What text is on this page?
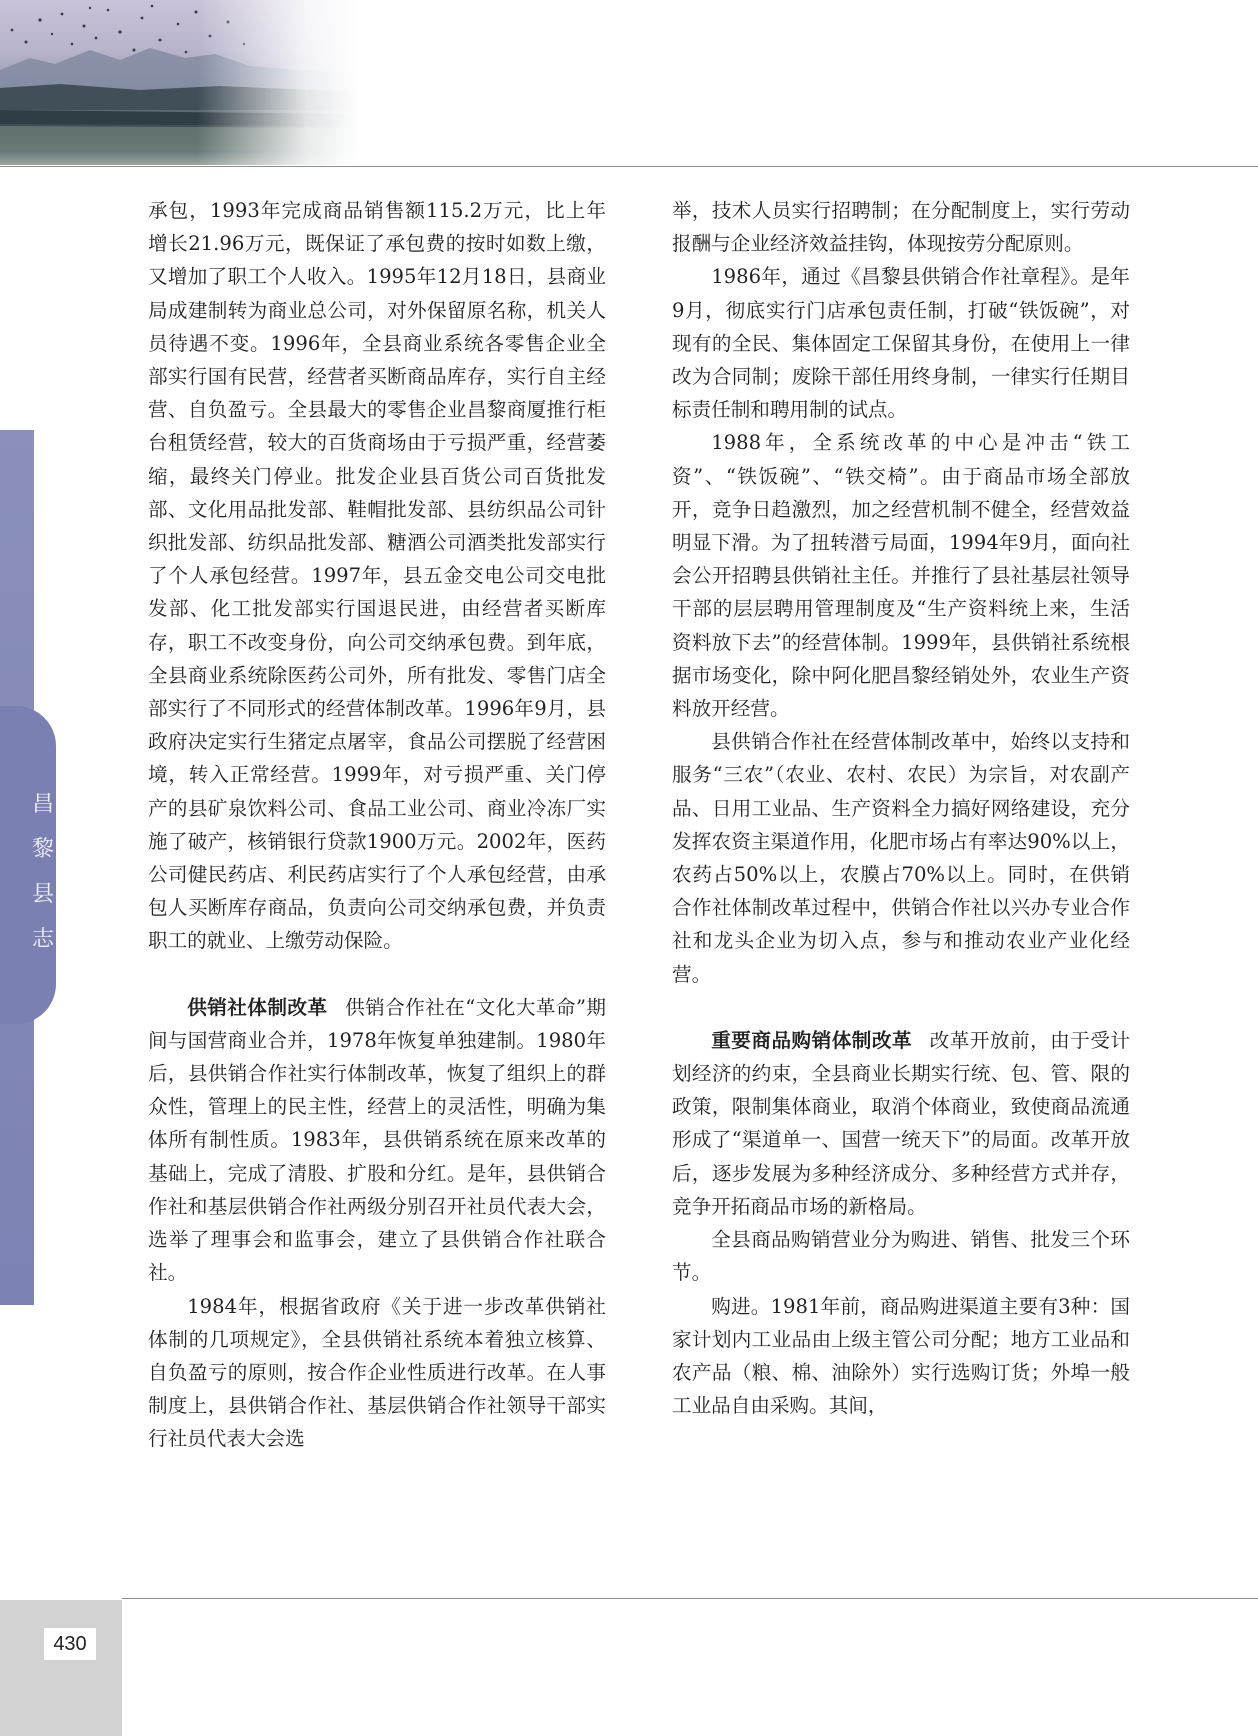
昌
黎
县
志

承包，1993年完成商品销售额115.2万元，比上年增长21.96万元，既保证了承包费的按时如数上缴，又增加了职工个人收入。1995年12月18日，县商业局成建制转为商业总公司，对外保留原名称，机关人员待遇不变。1996年，全县商业系统各零售企业全部实行国有民营，经营者买断商品库存，实行自主经营、自负盈亏。全县最大的零售企业昌黎商厦推行柜台租赁经营，较大的百货商场由于亏损严重，经营萎缩，最终关门停业。批发企业县百货公司百货批发部、文化用品批发部、鞋帽批发部、县纺织品公司针织批发部、纺织品批发部、糖酒公司酒类批发部实行了个人承包经营。1997年，县五金交电公司交电批发部、化工批发部实行国退民进，由经营者买断库存，职工不改变身份，向公司交纳承包费。到年底，全县商业系统除医药公司外，所有批发、零售门店全部实行了不同形式的经营体制改革。1996年9月，县政府决定实行生猪定点屠宰，食品公司摆脱了经营困境，转入正常经营。1999年，对亏损严重、关门停产的县矿泉饮料公司、食品工业公司、商业冷冻厂实施了破产，核销银行贷款1900万元。2002年，医药公司健民药店、利民药店实行了个人承包经营，由承包人买断库存商品，负责向公司交纳承包费，并负责职工的就业、上缴劳动保险。

供销社体制改革 供销合作社在“文化大革命”期间与国营商业合并，1978年恢复单独建制。1980年后，县供销合作社实行体制改革，恢复了组织上的群众性，管理上的民主性，经营上的灵活性，明确为集体所有制性质。1983年，县供销系统在原来改革的基础上，完成了清股、扩股和分红。是年，县供销合作社和基层供销合作社两级分别召开社员代表大会，选举了理事会和监事会，建立了县供销合作社联合社。

1984年，根据省政府《关于进一步改革供销社体制的几项规定》，全县供销社系统本着独立核算、自负盈亏的原则，按合作企业性质进行改革。在人事制度上，县供销合作社、基层供销合作社领导干部实行社员代表大会选

举，技术人员实行招聘制；在分配制度上，实行劳动报酬与企业经济效益挂钩，体现按劳分配原则。

1986年，通过《昌黎县供销合作社章程》。是年9月，彻底实行门店承包责任制，打破“铁饭碗”，对现有的全民、集体固定工保留其身份，在使用上一律改为合同制；废除干部任用终身制，一律实行任期目标责任制和聘用制的试点。

1988年，全系统改革的中心是冲击“铁工资”、“铁饭碗”、“铁交椅”。由于商品市场全部放开，竞争日趋激烈，加之经营机制不健全，经营效益明显下滑。为了扭转潜亏局面，1994年9月，面向社会公开招聘县供销社主任。并推行了县社基层社领导干部的层层聘用管理制度及“生产资料统上来，生活资料放下去”的经营体制。1999年，县供销社系统根据市场变化，除中阿化肥昌黎经销处外，农业生产资料放开经营。

县供销合作社在经营体制改革中，始终以支持和服务“三农”（农业、农村、农民）为宗旨，对农副产品、日用工业品、生产资料全力搞好网络建设，充分发挥农资主渠道作用，化肥市场占有率达90%以上，农药占50%以上，农膜占70%以上。同时，在供销合作社体制改革过程中，供销合作社以兴办专业合作社和龙头企业为切入点，参与和推动农业产业化经营。

重要商品购销体制改革 改革开放前，由于受计划经济的约束，全县商业长期实行统、包、管、限的政策，限制集体商业，取消个体商业，致使商品流通形成了“渠道单一、国营一统天下”的局面。改革开放后，逐步发展为多种经济成分、多种经营方式并存，竞争开拓商品市场的新格局。

全县商品购销营业分为购进、销售、批发三个环节。

购进。1981年前，商品购进渠道主要有3种：国家计划内工业品由上级主管公司分配；地方工业品和农产品（粮、棉、油除外）实行选购订货；外埠一般工业品自由采购。其间，

430
